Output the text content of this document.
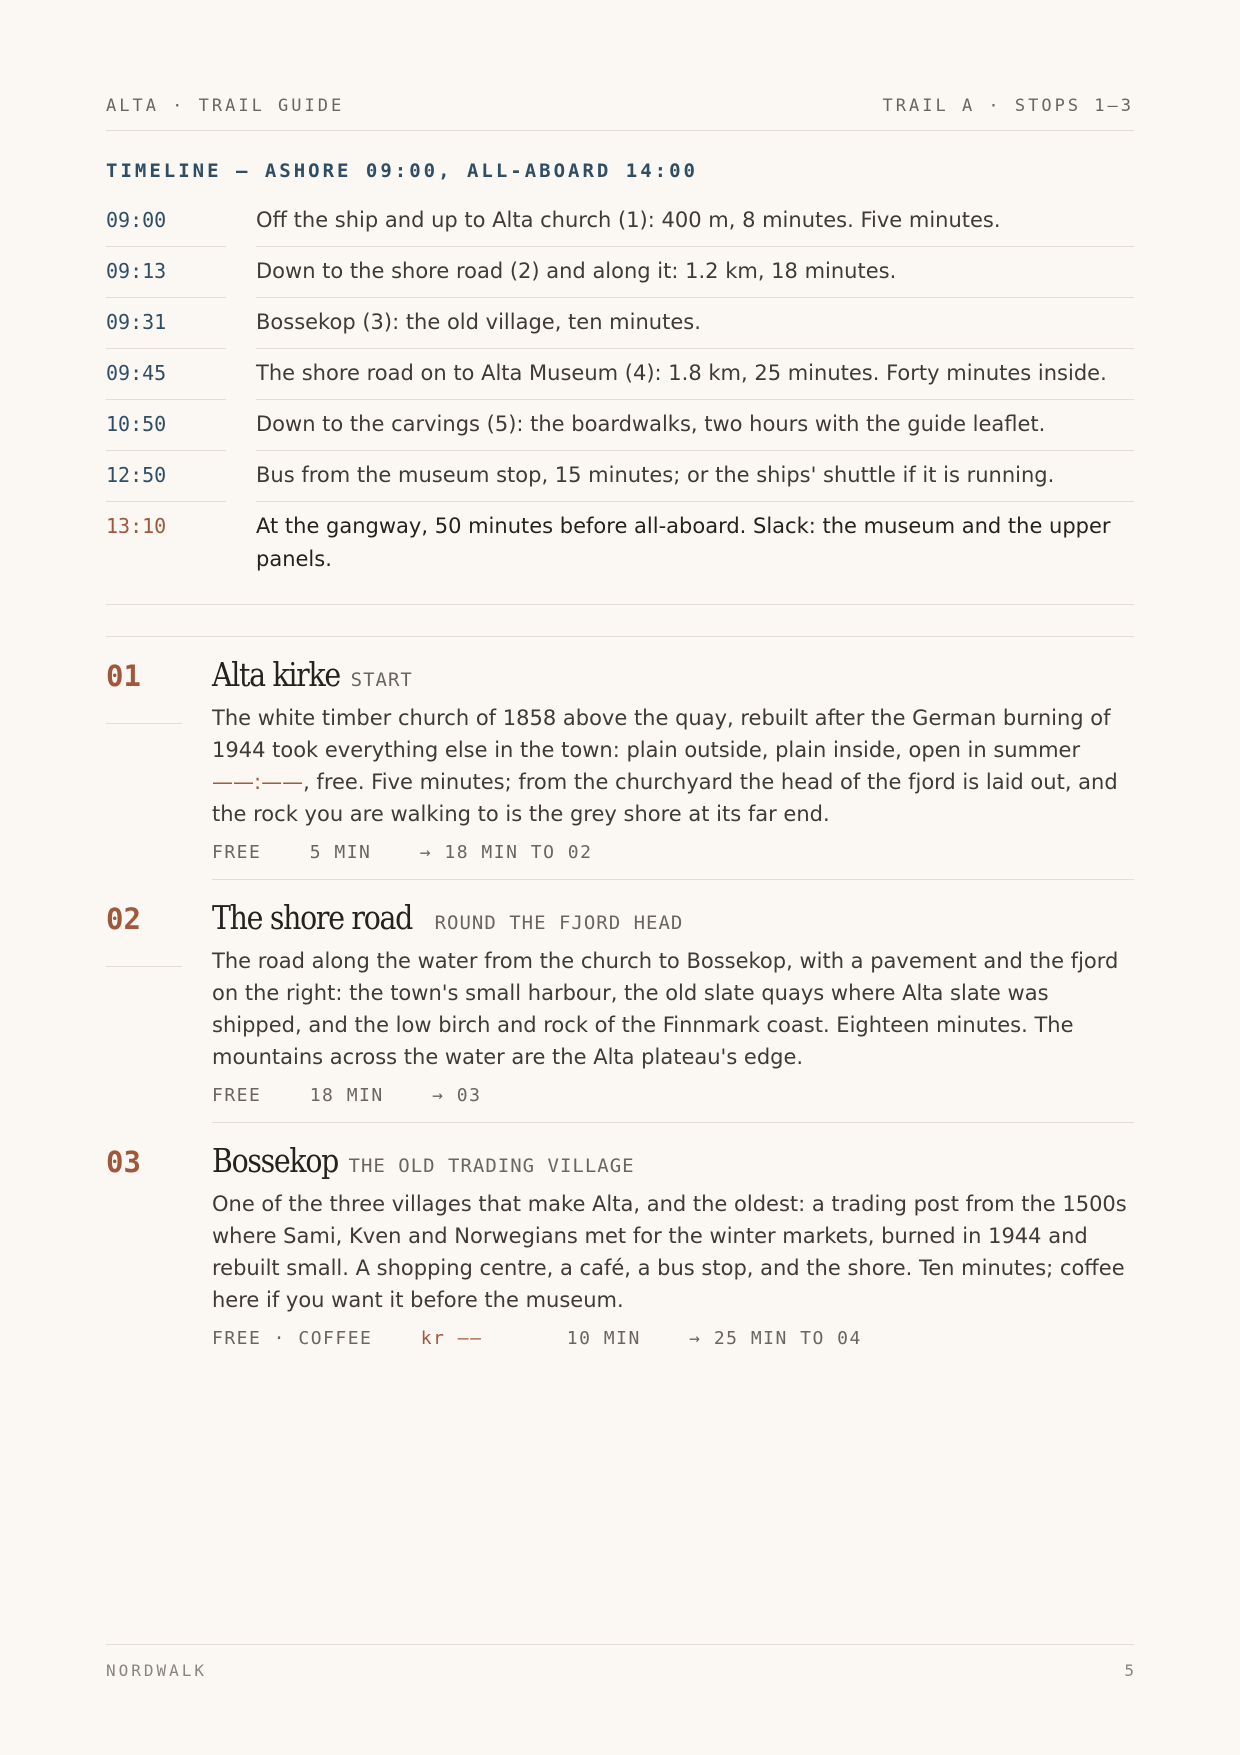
ALTA · TRAIL GUIDE	TRAIL A · STOPS 1–3
TIMELINE — ASHORE 09:00, ALL-ABOARD 14:00
09:00	Off the ship and up to Alta church (1): 400 m, 8 minutes. Five minutes.
09:13	Down to the shore road (2) and along it: 1.2 km, 18 minutes.
09:31	Bossekop (3): the old village, ten minutes.
09:45	The shore road on to Alta Museum (4): 1.8 km, 25 minutes. Forty minutes inside.
10:50	Down to the carvings (5): the boardwalks, two hours with the guide leaflet.
12:50	Bus from the museum stop, 15 minutes; or the ships' shuttle if it is running.
13:10	At the gangway, 50 minutes before all-aboard. Slack: the museum and the upper panels.
01	Alta kirke START
The white timber church of 1858 above the quay, rebuilt after the German burning of 1944 took everything else in the town: plain outside, plain inside, open in summer ——:——, free. Five minutes; from the churchyard the head of the fjord is laid out, and the rock you are walking to is the grey shore at its far end.
FREE	5 MIN	→ 18 MIN TO 02
02	The shore road ROUND THE FJORD HEAD
The road along the water from the church to Bossekop, with a pavement and the fjord on the right: the town's small harbour, the old slate quays where Alta slate was shipped, and the low birch and rock of the Finnmark coast. Eighteen minutes. The mountains across the water are the Alta plateau's edge.
FREE	18 MIN	→ 03
03	Bossekop THE OLD TRADING VILLAGE
One of the three villages that make Alta, and the oldest: a trading post from the 1500s where Sami, Kven and Norwegians met for the winter markets, burned in 1944 and rebuilt small. A shopping centre, a café, a bus stop, and the shore. Ten minutes; coffee here if you want it before the museum.
FREE · COFFEE	kr ——	10 MIN	→ 25 MIN TO 04
NORDWALK	5
